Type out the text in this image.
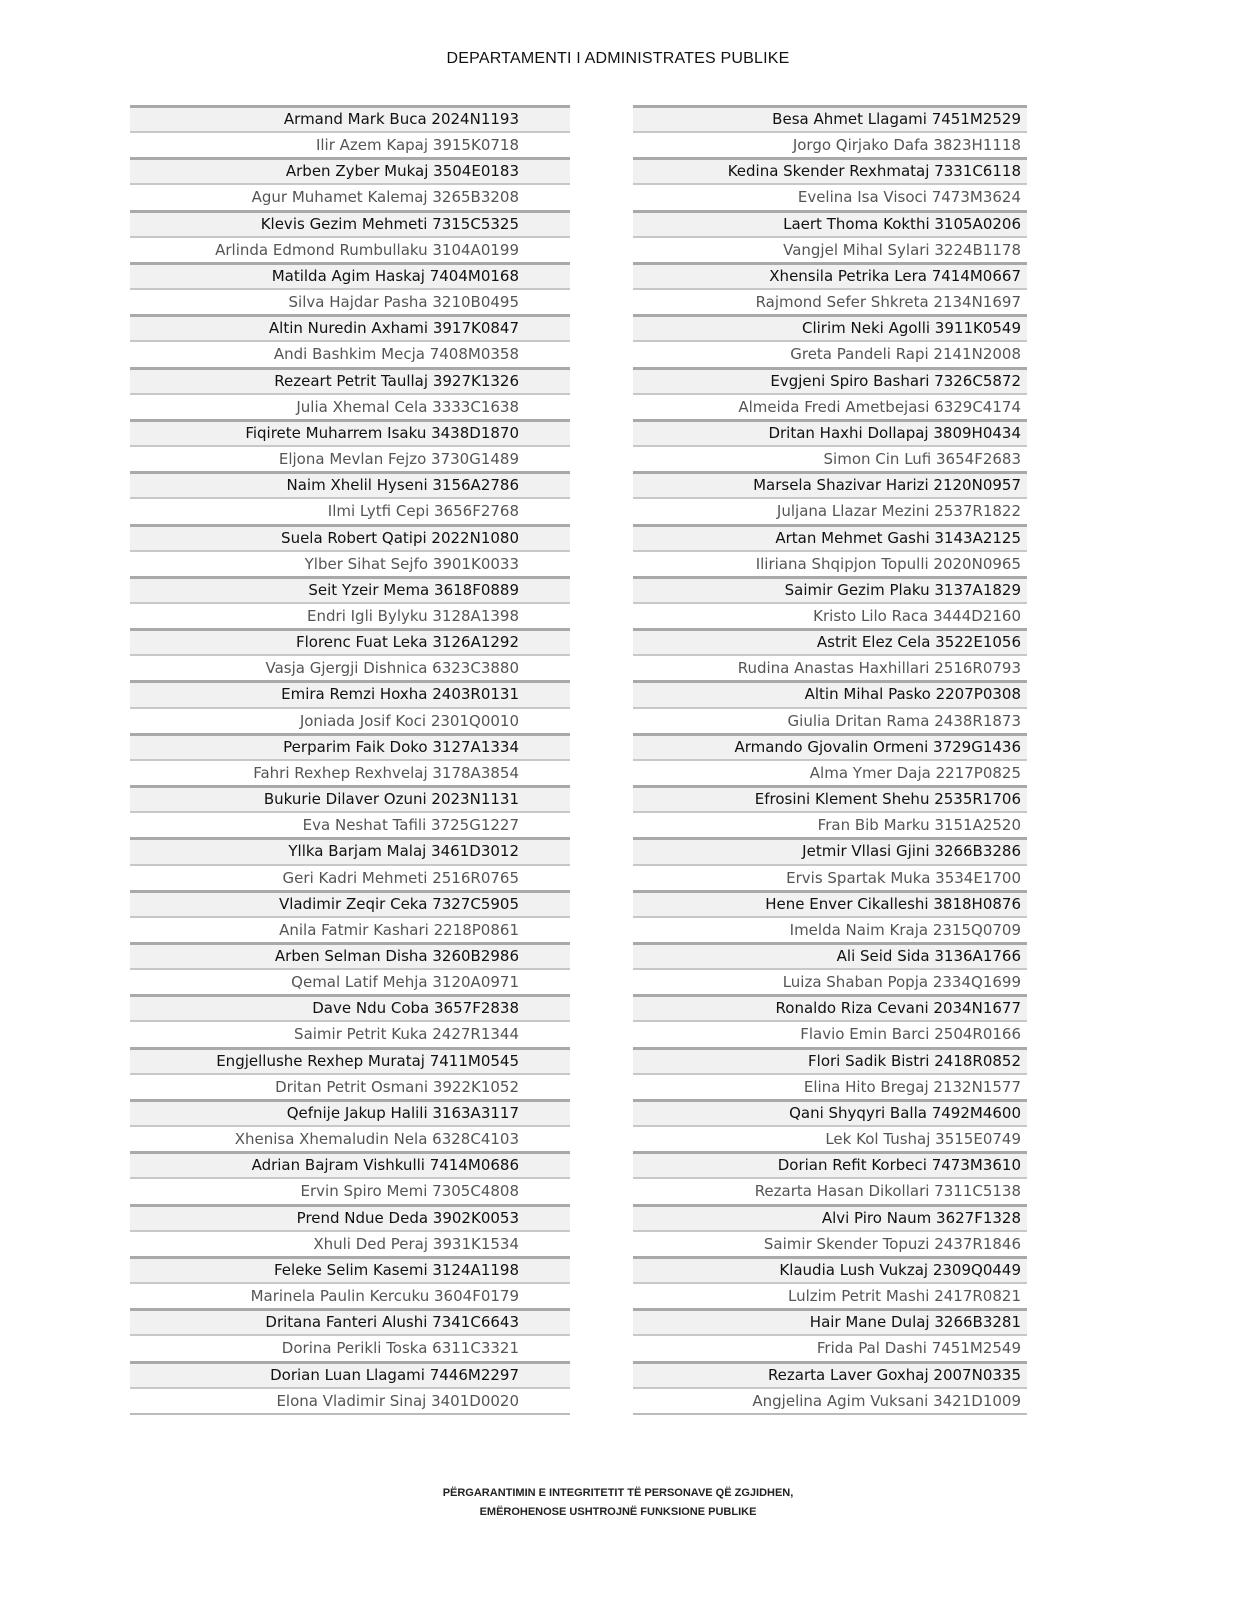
DEPARTAMENTI I ADMINISTRATES PUBLIKE
Armand Mark Buca 2024N1193
Ilir Azem Kapaj 3915K0718
Arben Zyber Mukaj 3504E0183
Agur Muhamet Kalemaj 3265B3208
Klevis Gezim Mehmeti 7315C5325
Arlinda Edmond Rumbullaku 3104A0199
Matilda Agim Haskaj 7404M0168
Silva Hajdar Pasha 3210B0495
Altin Nuredin Axhami 3917K0847
Andi Bashkim Mecja 7408M0358
Rezeart Petrit Taullaj 3927K1326
Julia Xhemal Cela 3333C1638
Fiqirete Muharrem Isaku 3438D1870
Eljona Mevlan Fejzo 3730G1489
Naim Xhelil Hyseni 3156A2786
Ilmi Lytfi Cepi 3656F2768
Suela Robert Qatipi 2022N1080
Ylber Sihat Sejfo 3901K0033
Seit Yzeir Mema 3618F0889
Endri Igli Bylyku 3128A1398
Florenc Fuat Leka 3126A1292
Vasja Gjergji Dishnica 6323C3880
Emira Remzi Hoxha 2403R0131
Joniada Josif Koci 2301Q0010
Perparim Faik Doko 3127A1334
Fahri Rexhep Rexhvelaj 3178A3854
Bukurie Dilaver Ozuni 2023N1131
Eva Neshat Tafili 3725G1227
Yllka Barjam Malaj 3461D3012
Geri Kadri Mehmeti 2516R0765
Vladimir Zeqir Ceka 7327C5905
Anila Fatmir Kashari 2218P0861
Arben Selman Disha 3260B2986
Qemal Latif Mehja 3120A0971
Dave Ndu Coba 3657F2838
Saimir Petrit Kuka 2427R1344
Engjellushe Rexhep Murataj 7411M0545
Dritan Petrit Osmani 3922K1052
Qefnije Jakup Halili 3163A3117
Xhenisa Xhemaludin Nela 6328C4103
Adrian Bajram Vishkulli 7414M0686
Ervin Spiro Memi 7305C4808
Prend Ndue Deda 3902K0053
Xhuli Ded Peraj 3931K1534
Feleke Selim Kasemi 3124A1198
Marinela Paulin Kercuku 3604F0179
Dritana Fanteri Alushi 7341C6643
Dorina Perikli Toska 6311C3321
Dorian Luan Llagami 7446M2297
Elona Vladimir Sinaj 3401D0020
Besa Ahmet Llagami 7451M2529
Jorgo Qirjako Dafa 3823H1118
Kedina Skender Rexhmataj 7331C6118
Evelina Isa Visoci 7473M3624
Laert Thoma Kokthi 3105A0206
Vangjel Mihal Sylari 3224B1178
Xhensila Petrika Lera 7414M0667
Rajmond Sefer Shkreta 2134N1697
Clirim Neki Agolli 3911K0549
Greta Pandeli Rapi 2141N2008
Evgjeni Spiro Bashari 7326C5872
Almeida Fredi Ametbejasi 6329C4174
Dritan Haxhi Dollapaj 3809H0434
Simon Cin Lufi 3654F2683
Marsela Shazivar Harizi 2120N0957
Juljana Llazar Mezini 2537R1822
Artan Mehmet Gashi 3143A2125
Iliriana Shqipjon Topulli 2020N0965
Saimir Gezim Plaku 3137A1829
Kristo Lilo Raca 3444D2160
Astrit Elez Cela 3522E1056
Rudina Anastas Haxhillari 2516R0793
Altin Mihal Pasko 2207P0308
Giulia Dritan Rama 2438R1873
Armando Gjovalin Ormeni 3729G1436
Alma Ymer Daja 2217P0825
Efrosini Klement Shehu 2535R1706
Fran Bib Marku 3151A2520
Jetmir Vllasi Gjini 3266B3286
Ervis Spartak Muka 3534E1700
Hene Enver Cikalleshi 3818H0876
Imelda Naim Kraja 2315Q0709
Ali Seid Sida 3136A1766
Luiza Shaban Popja 2334Q1699
Ronaldo Riza Cevani 2034N1677
Flavio Emin Barci 2504R0166
Flori Sadik Bistri 2418R0852
Elina Hito Bregaj 2132N1577
Qani Shyqyri Balla 7492M4600
Lek Kol Tushaj 3515E0749
Dorian Refit Korbeci 7473M3610
Rezarta Hasan Dikollari 7311C5138
Alvi Piro Naum 3627F1328
Saimir Skender Topuzi 2437R1846
Klaudia Lush Vukzaj 2309Q0449
Lulzim Petrit Mashi 2417R0821
Hair Mane Dulaj 3266B3281
Frida Pal Dashi 7451M2549
Rezarta Laver Goxhaj 2007N0335
Angjelina Agim Vuksani 3421D1009
PËRGARANTIMIN E INTEGRITETIT TË PERSONAVE QË ZGJIDHEN,
EMËROHENOSE USHTROJNË FUNKSIONE PUBLIKE
